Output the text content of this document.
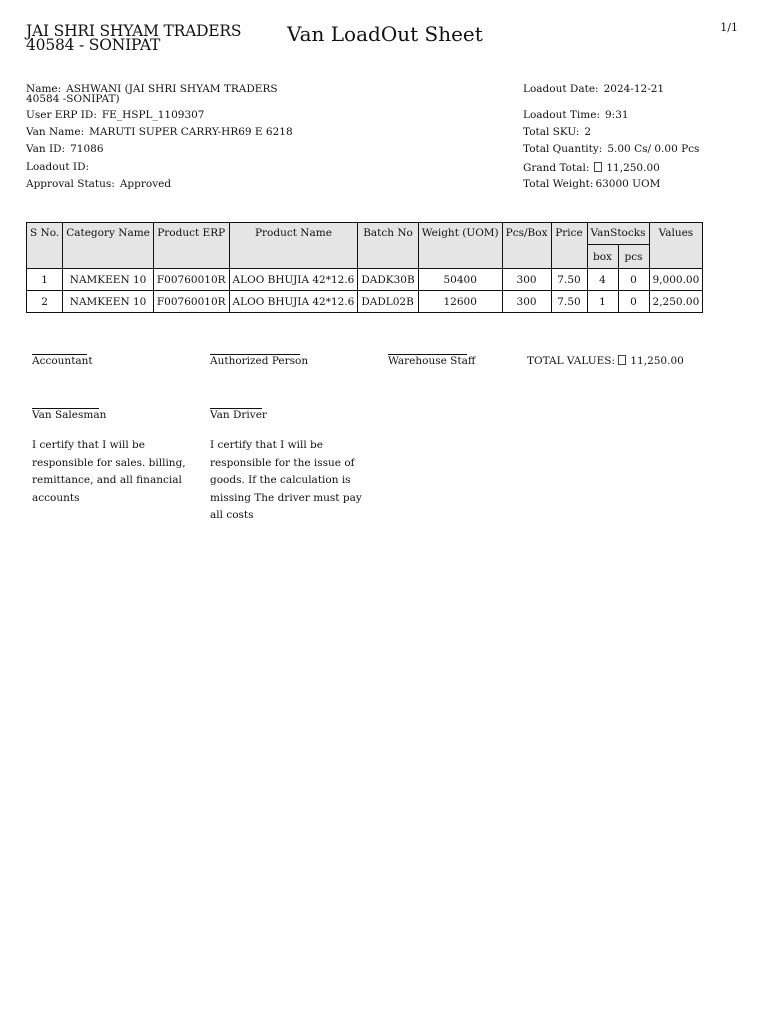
1/1
JAI SHRI SHYAM TRADERS 40584 - SONIPAT	Van LoadOut Sheet
Name: ASHWANI (JAI SHRI SHYAM TRADERS 40584 -SONIPAT)
User ERP ID: FE_HSPL_1109307
Van Name: MARUTI SUPER CARRY-HR69 E 6218
Van ID: 71086
Loadout ID:
Approval Status: Approved
Loadout Date: 2024-12-21
Loadout Time: 9:31
Total SKU: 2
Total Quantity: 5.00 Cs/ 0.00 Pcs
Grand Total: 11,250.00
Total Weight: 63000 UOM
S No.	Category Name	Product ERP	Product Name	Batch No	Weight (UOM)	Pcs/Box	Price	VanStocks		Values
								box	pcs	
1	NAMKEEN 10	F00760010R	ALOO BHUJIA 42*12.6	DADK30B	50400	300	7.50	4	0	9,000.00
2	NAMKEEN 10	F00760010R	ALOO BHUJIA 42*12.6	DADL02B	12600	300	7.50	1	0	2,250.00
Accountant	Authorized Person	Warehouse Staff	TOTAL VALUES: 11,250.00
Van Salesman	Van Driver
I certify that I will be responsible for sales. billing, remittance, and all financial accounts
I certify that I will be responsible for the issue of goods. If the calculation is missing The driver must pay all costs
